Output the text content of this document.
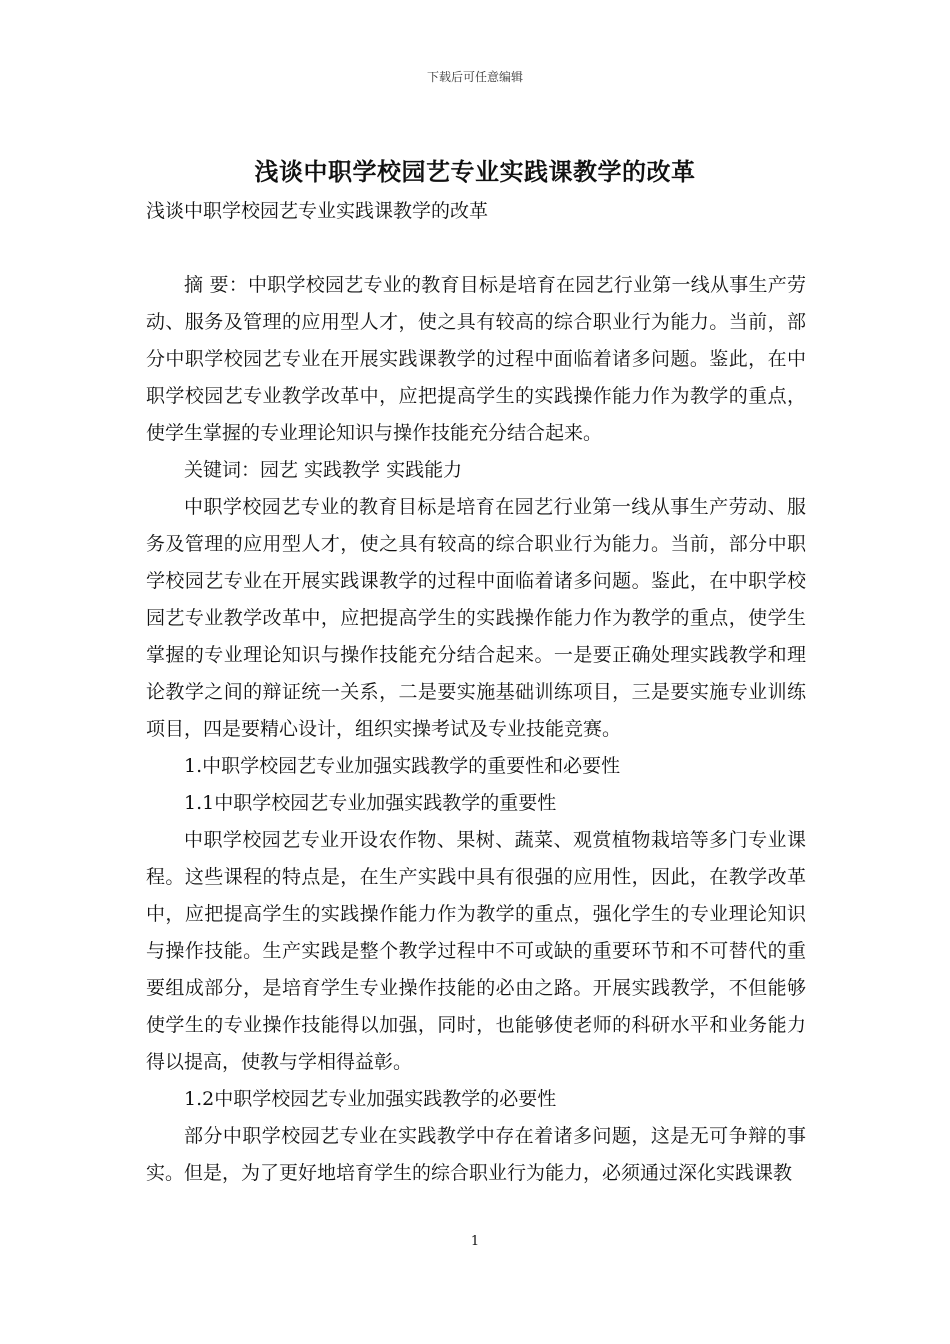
下载后可任意编辑
浅谈中职学校园艺专业实践课教学的改革

浅谈中职学校园艺专业实践课教学的改革

摘 要：中职学校园艺专业的教育目标是培育在园艺行业第一线从事生产劳动、服务及管理的应用型人才，使之具有较高的综合职业行为能力。当前，部分中职学校园艺专业在开展实践课教学的过程中面临着诸多问题。鉴此，在中职学校园艺专业教学改革中，应把提高学生的实践操作能力作为教学的重点，使学生掌握的专业理论知识与操作技能充分结合起来。

关键词：园艺 实践教学 实践能力

中职学校园艺专业的教育目标是培育在园艺行业第一线从事生产劳动、服务及管理的应用型人才，使之具有较高的综合职业行为能力。当前，部分中职学校园艺专业在开展实践课教学的过程中面临着诸多问题。鉴此，在中职学校园艺专业教学改革中，应把提高学生的实践操作能力作为教学的重点，使学生掌握的专业理论知识与操作技能充分结合起来。一是要正确处理实践教学和理论教学之间的辩证统一关系，二是要实施基础训练项目，三是要实施专业训练项目，四是要精心设计，组织实操考试及专业技能竞赛。

1.中职学校园艺专业加强实践教学的重要性和必要性

1.1中职学校园艺专业加强实践教学的重要性

中职学校园艺专业开设农作物、果树、蔬菜、观赏植物栽培等多门专业课程。这些课程的特点是，在生产实践中具有很强的应用性，因此，在教学改革中，应把提高学生的实践操作能力作为教学的重点，强化学生的专业理论知识与操作技能。生产实践是整个教学过程中不可或缺的重要环节和不可替代的重要组成部分，是培育学生专业操作技能的必由之路。开展实践教学，不但能够使学生的专业操作技能得以加强，同时，也能够使老师的科研水平和业务能力得以提高，使教与学相得益彰。

1.2中职学校园艺专业加强实践教学的必要性

部分中职学校园艺专业在实践教学中存在着诸多问题，这是无可争辩的事实。但是，为了更好地培育学生的综合职业行为能力，必须通过深化实践课教

1
